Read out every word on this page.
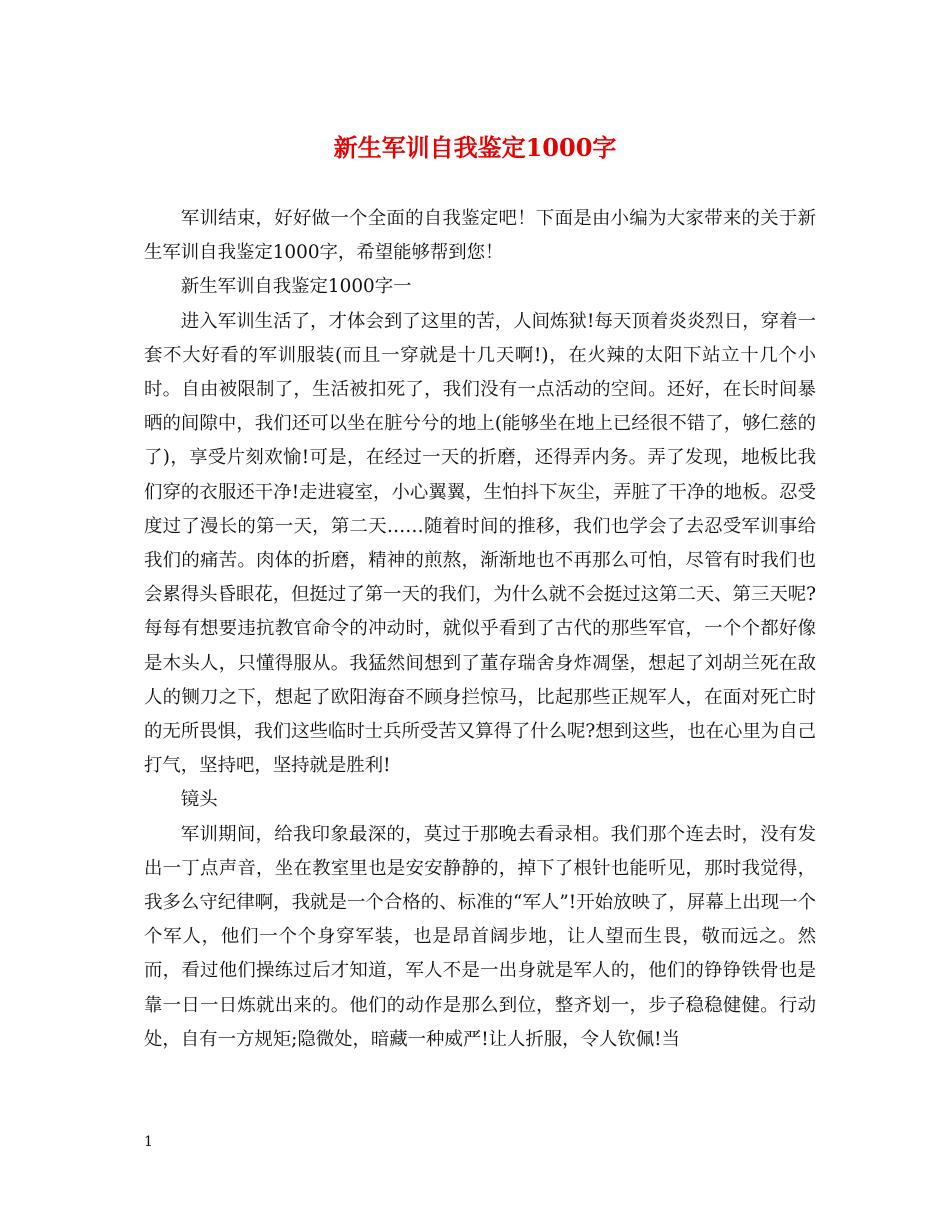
新生军训自我鉴定1000字

军训结束，好好做一个全面的自我鉴定吧！下面是由小编为大家带来的关于新生军训自我鉴定1000字，希望能够帮到您！

新生军训自我鉴定1000字一

进入军训生活了，才体会到了这里的苦，人间炼狱!每天顶着炎炎烈日，穿着一套不大好看的军训服装(而且一穿就是十几天啊!)，在火辣的太阳下站立十几个小时。自由被限制了，生活被扣死了，我们没有一点活动的空间。还好，在长时间暴晒的间隙中，我们还可以坐在脏兮兮的地上(能够坐在地上已经很不错了，够仁慈的了)，享受片刻欢愉!可是，在经过一天的折磨，还得弄内务。弄了发现，地板比我们穿的衣服还干净!走进寝室，小心翼翼，生怕抖下灰尘，弄脏了干净的地板。忍受度过了漫长的第一天，第二天……随着时间的推移，我们也学会了去忍受军训事给我们的痛苦。肉体的折磨，精神的煎熬，渐渐地也不再那么可怕，尽管有时我们也会累得头昏眼花，但挺过了第一天的我们，为什么就不会挺过这第二天、第三天呢?每每有想要违抗教官命令的冲动时，就似乎看到了古代的那些军官，一个个都好像是木头人，只懂得服从。我猛然间想到了董存瑞舍身炸凋堡，想起了刘胡兰死在敌人的铡刀之下，想起了欧阳海奋不顾身拦惊马，比起那些正规军人，在面对死亡时的无所畏惧，我们这些临时士兵所受苦又算得了什么呢?想到这些，也在心里为自己打气，坚持吧，坚持就是胜利!

镜头

军训期间，给我印象最深的，莫过于那晚去看录相。我们那个连去时，没有发出一丁点声音，坐在教室里也是安安静静的，掉下了根针也能听见，那时我觉得，我多么守纪律啊，我就是一个合格的、标准的“军人”!开始放映了，屏幕上出现一个个军人，他们一个个身穿军装，也是昂首阔步地，让人望而生畏，敬而远之。然而，看过他们操练过后才知道，军人不是一出身就是军人的，他们的铮铮铁骨也是靠一日一日炼就出来的。他们的动作是那么到位，整齐划一，步子稳稳健健。行动处，自有一方规矩;隐微处，暗藏一种威严!让人折服，令人钦佩!当

1
